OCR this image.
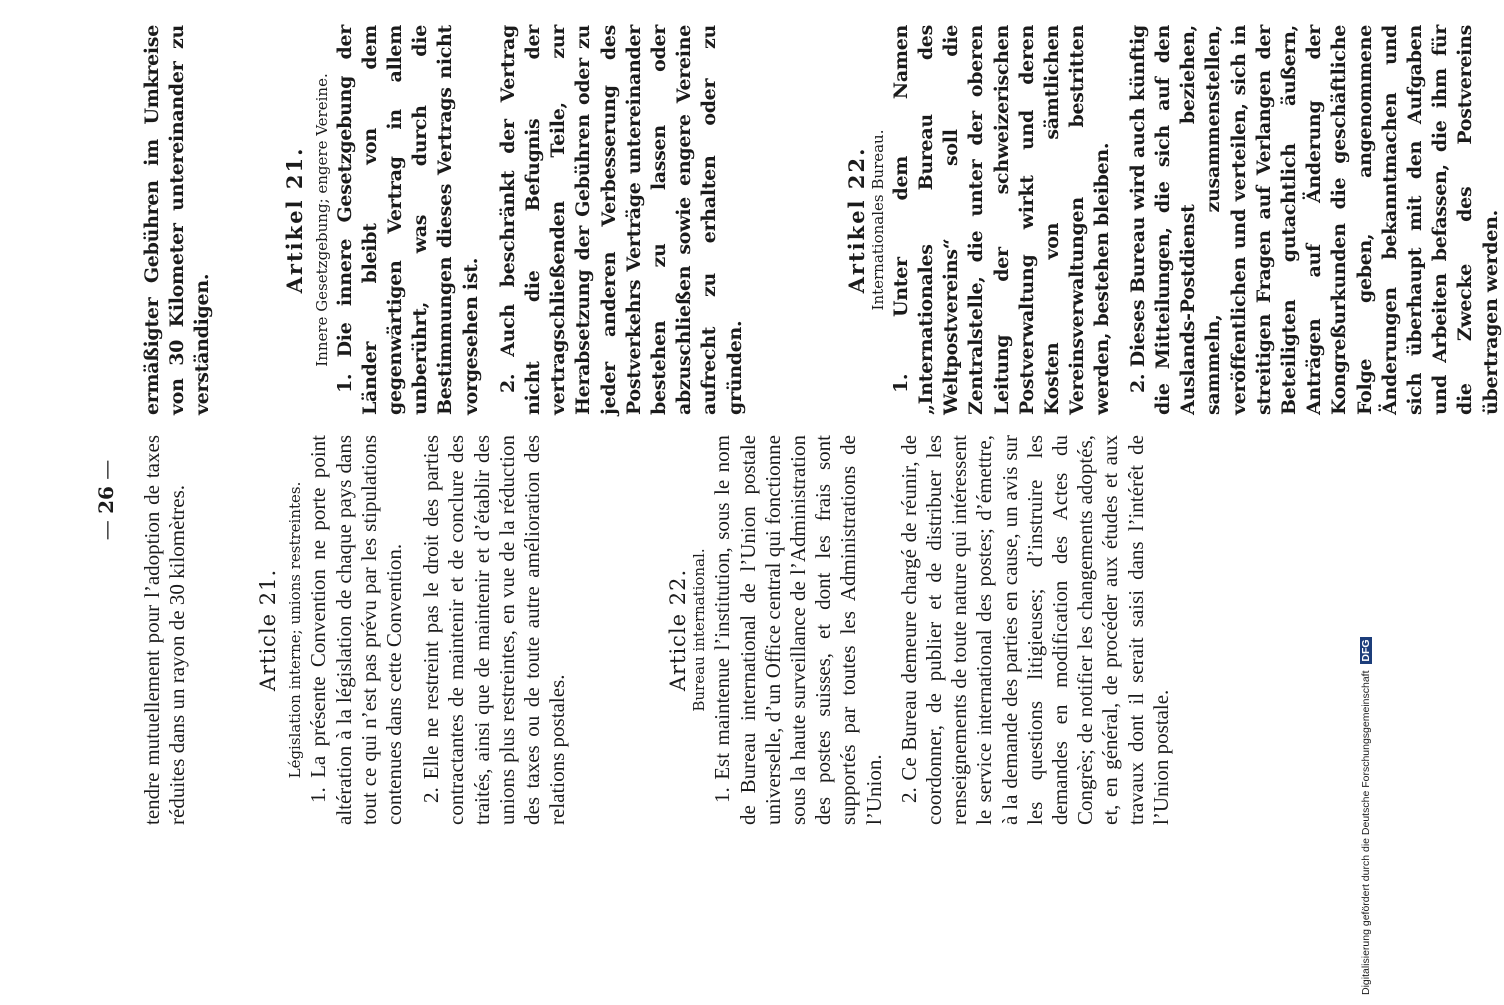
— 26 — tendre mutuellement pour l’adoption de taxes réduites dans un rayon de 30 kilomètres.	Article 21. Législation interne; unions restreintes. 1. La présente Convention ne porte point altération à la législation de chaque pays dans tout ce qui n’est pas prévu par les stipulations contenues dans cette Convention. 2. Elle ne restreint pas le droit des parties contractantes de maintenir et de conclure des traités, ainsi que de maintenir et d’établir des unions plus restreintes, en vue de la réduction des taxes ou de toute autre amélioration des relations postales.

Article 22. Bureau international. 1. Est maintenue l’institution, sous le nom de Bureau international de l’Union postale universelle, d’un Office central qui fonctionne sous la haute surveillance de l’Administration des postes suisses, et dont les frais sont supportés par toutes les Administrations de l’Union. 2. Ce Bureau demeure chargé de réunir, de coordonner, de publier et de distribuer les renseignements de toute nature qui intéressent le service international des postes; d’émettre, à la demande des parties en cause, un avis sur les questions litigieuses; d’instruire les demandes en modification des Actes du Congrès; de notifier les changements adoptés, et, en général, de procéder aux études et aux travaux dont il serait saisi dans l’intérêt de l’Union postale.

ermäßigter Gebühren im Umkreise von 30 Kilometer untereinander zu verständigen.

Artikel 21. Innere Gesetzgebung; engere Vereine. 1. Die innere Gesetzgebung der Länder bleibt von dem gegenwärtigen Vertrag in allem unberührt, was durch die Bestimmungen dieses Vertrags nicht vorgesehen ist. 2. Auch beschränkt der Vertrag nicht die Befugnis der vertragschließenden Teile, zur Herabsetzung der Gebühren oder zu jeder anderen Verbesserung des Postverkehrs Verträge untereinander bestehen zu lassen oder abzuschließen sowie engere Vereine aufrecht zu erhalten oder zu gründen.

Artikel 22. Internationales Bureau. 1. Unter dem Namen „Internationales Bureau des Weltpostvereins“ soll die Zentralstelle, die unter der oberen Leitung der schweizerischen Postverwaltung wirkt und deren Kosten von sämtlichen Vereinsverwaltungen bestritten werden, bestehen bleiben. 2. Dieses Bureau wird auch künftig die Mitteilungen, die sich auf den Auslands-Postdienst beziehen, sammeln, zusammenstellen, veröffentlichen und verteilen, sich in streitigen Fragen auf Verlangen der Beteiligten gutachtlich äußern, Anträgen auf Änderung der Kongreßurkunden die geschäftliche Folge geben, angenommene Änderungen bekanntmachen und sich überhaupt mit den Aufgaben und Arbeiten befassen, die ihm für die Zwecke des Postvereins übertragen werden.

Digitalisierung gefördert durch die Deutsche Forschungsgemeinschaft DFG
